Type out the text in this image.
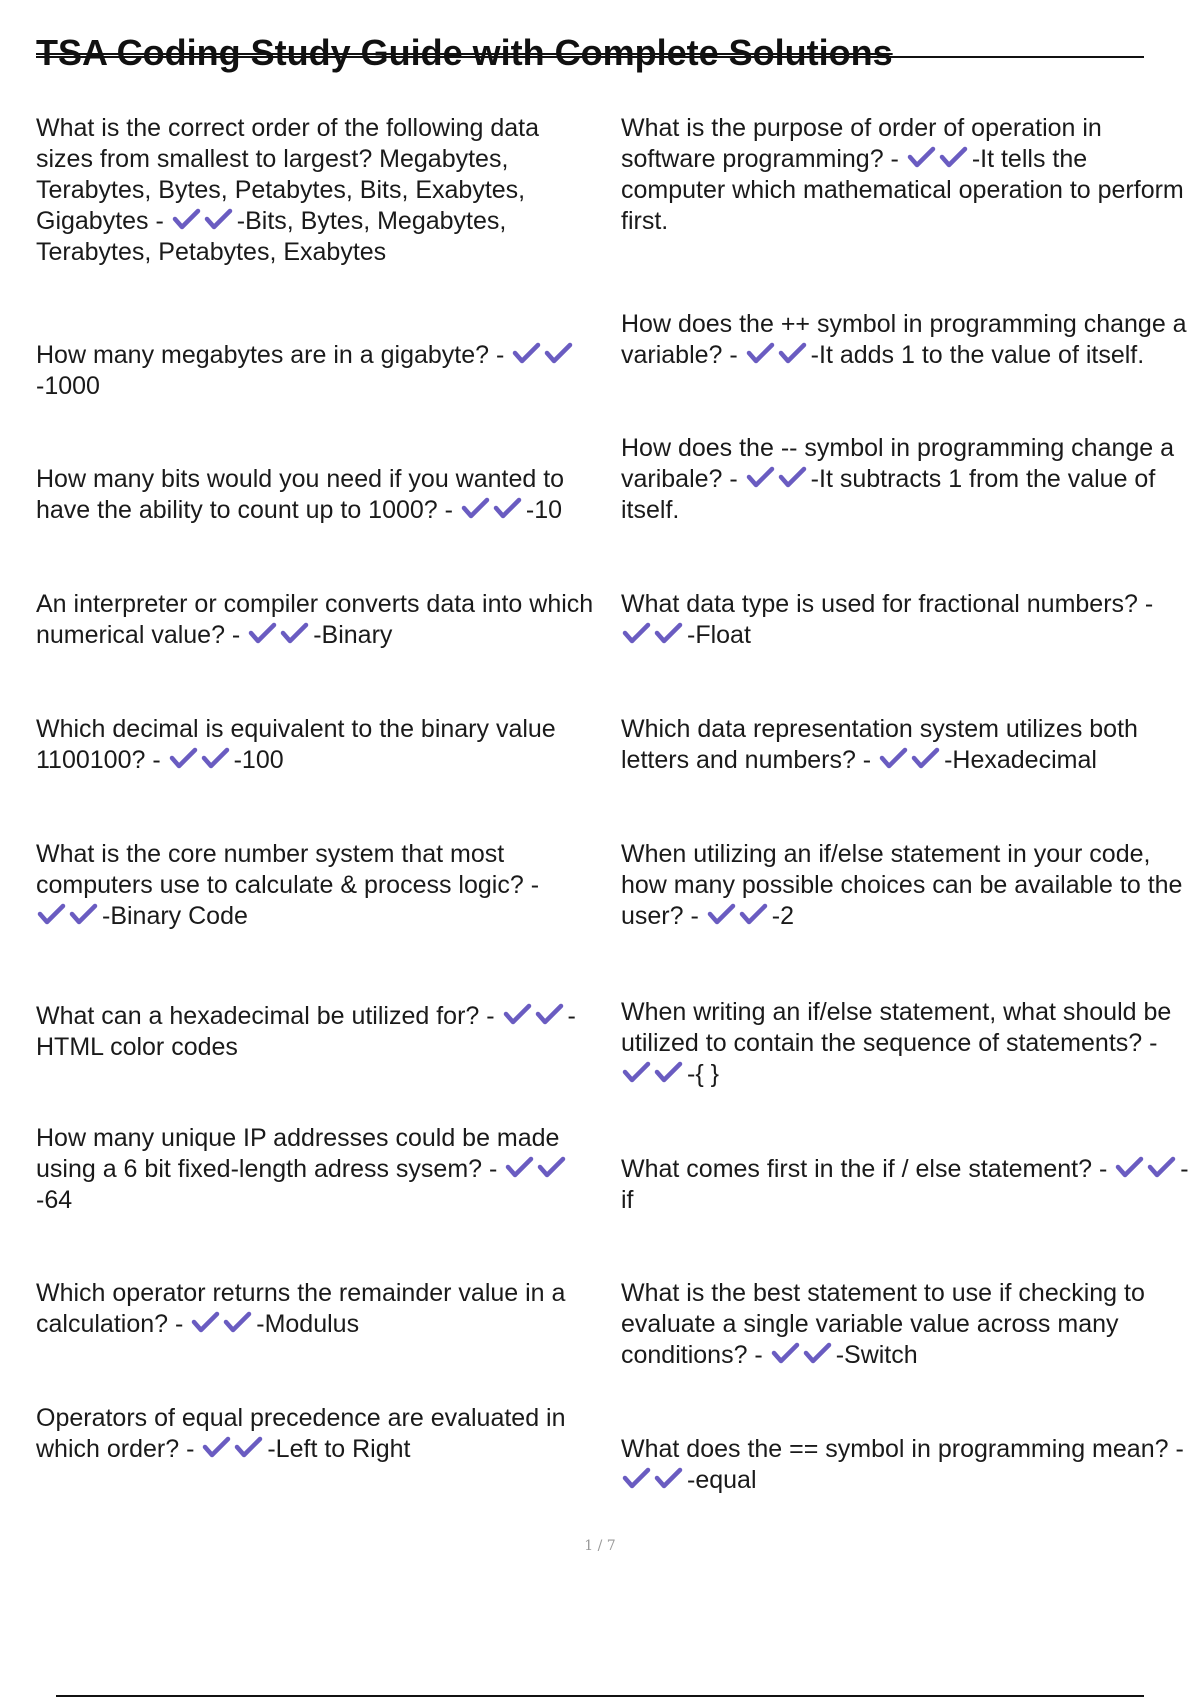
TSA Coding Study Guide with Complete Solutions

What is the correct order of the following data sizes from smallest to largest? Megabytes, Terabytes, Bytes, Petabytes, Bits, Exabytes, Gigabytes -	-Bits, Bytes, Megabytes, Terabytes, Petabytes, Exabytes

How many megabytes are in a gigabyte? -
-1000

How many bits would you need if you wanted to have the ability to count up to 1000? -	-10

An interpreter or compiler converts data into which numerical value? -	-Binary

Which decimal is equivalent to the binary value 1100100? -	-100

What is the core number system that most computers use to calculate & process logic? -
-Binary Code

What can a hexadecimal be utilized for? -	-HTML color codes

How many unique IP addresses could be made using a 6 bit fixed-length adress sysem? -
-64

Which operator returns the remainder value in a calculation? -	-Modulus

Operators of equal precedence are evaluated in which order? -	-Left to Right

What is the purpose of order of operation in software programming? -	-It tells the computer which mathematical operation to perform first.

How does the ++ symbol in programming change a variable? -	-It adds 1 to the value of itself.

How does the -- symbol in programming change a varibale? -	-It subtracts 1 from the value of itself.

What data type is used for fractional numbers? -
-Float

Which data representation system utilizes both letters and numbers? -	-Hexadecimal

When utilizing an if/else statement in your code, how many possible choices can be available to the user? -	-2

When writing an if/else statement, what should be utilized to contain the sequence of statements? -
-{ }

What comes first in the if / else statement? -	-if

What is the best statement to use if checking to evaluate a single variable value across many conditions? -	-Switch

What does the == symbol in programming mean? -
-equal

1 / 7
